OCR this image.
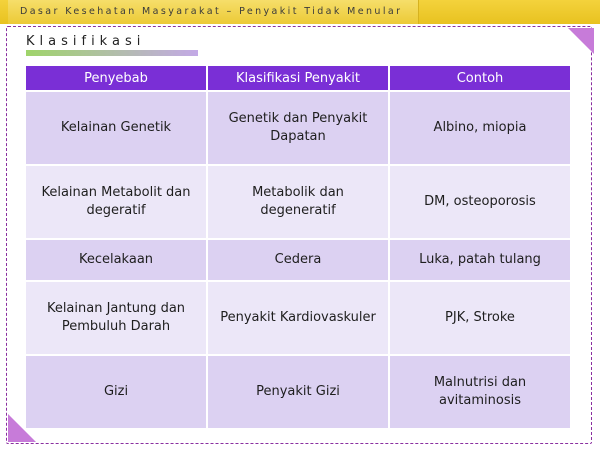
Dasar Kesehatan Masyarakat – Penyakit Tidak Menular
Klasifikasi
Penyebab	Klasifikasi Penyakit	Contoh
Kelainan Genetik	Genetik dan Penyakit Dapatan	Albino, miopia
Kelainan Metabolit dan degeratif	Metabolik dan degeneratif	DM, osteoporosis
Kecelakaan	Cedera	Luka, patah tulang
Kelainan Jantung dan Pembuluh Darah	Penyakit Kardiovaskuler	PJK, Stroke
Gizi	Penyakit Gizi	Malnutrisi dan avitaminosis
